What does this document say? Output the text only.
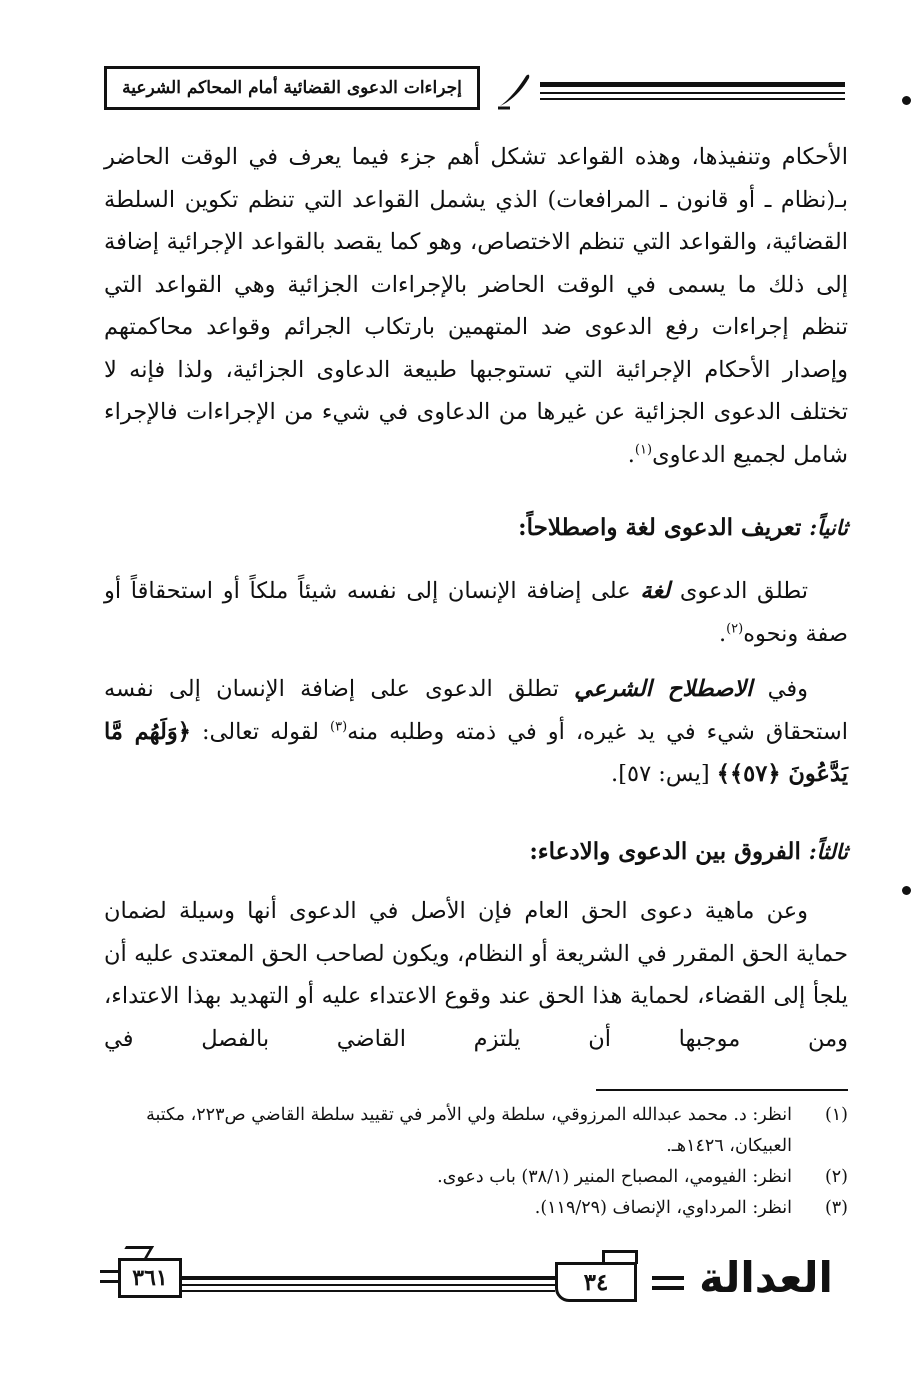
إجراءات الدعوى القضائية أمام المحاكم الشرعية

الأحكام وتنفيذها، وهذه القواعد تشكل أهم جزء فيما يعرف في الوقت الحاضر بـ(نظام ـ أو قانون ـ المرافعات) الذي يشمل القواعد التي تنظم تكوين السلطة القضائية، والقواعد التي تنظم الاختصاص، وهو كما يقصد بالقواعد الإجرائية إضافة إلى ذلك ما يسمى في الوقت الحاضر بالإجراءات الجزائية وهي القواعد التي تنظم إجراءات رفع الدعوى ضد المتهمين بارتكاب الجرائم وقواعد محاكمتهم وإصدار الأحكام الإجرائية التي تستوجبها طبيعة الدعاوى الجزائية، ولذا فإنه لا تختلف الدعوى الجزائية عن غيرها من الدعاوى في شيء من الإجراءات فالإجراء شامل لجميع الدعاوى$^{(١)}$.

ثانياً: تعريف الدعوى لغة واصطلاحاً:

تطلق الدعوى لغة على إضافة الإنسان إلى نفسه شيئاً ملكاً أو استحقاقاً أو صفة ونحوه$^{(٢)}$.

وفي الاصطلاح الشرعي تطلق الدعوى على إضافة الإنسان إلى نفسه استحقاق شيء في يد غيره، أو في ذمته وطلبه منه$^{(٣)}$ لقوله تعالى: ﴿وَلَهُم مَّا يَدَّعُونَ ﴿٥٧﴾﴾ [يس: ٥٧].

ثالثاً: الفروق بين الدعوى والادعاء:

وعن ماهية دعوى الحق العام فإن الأصل في الدعوى أنها وسيلة لضمان حماية الحق المقرر في الشريعة أو النظام، ويكون لصاحب الحق المعتدى عليه أن يلجأ إلى القضاء، لحماية هذا الحق عند وقوع الاعتداء عليه أو التهديد بهذا الاعتداء، ومن موجبها أن يلتزم القاضي بالفصل في

(١)
انظر: د. محمد عبدالله المرزوقي، سلطة ولي الأمر في تقييد سلطة القاضي ص٢٢٣، مكتبة العبيكان، ١٤٢٦هـ.
(٢)
انظر: الفيومي، المصباح المنير (٣٨/١) باب دعوى.
(٣)
انظر: المرداوي، الإنصاف (١١٩/٢٩).
٣٦١	٣٤ العدالة
